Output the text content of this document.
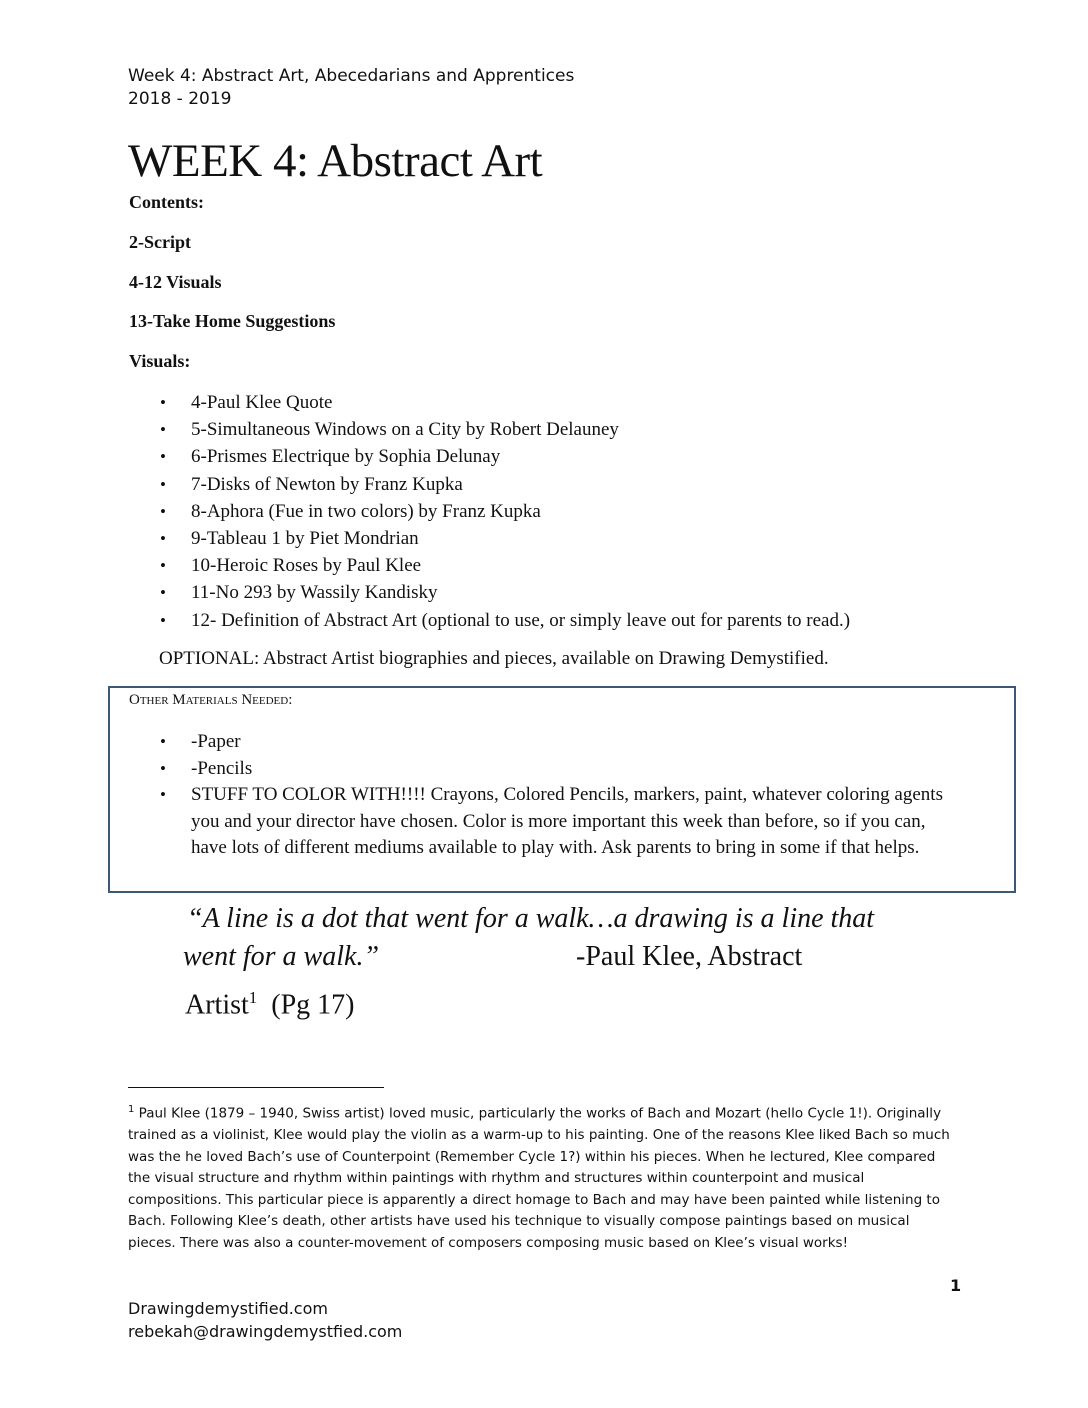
Week 4: Abstract Art, Abecedarians and Apprentices
2018 - 2019
WEEK 4: Abstract Art
Contents:
2-Script
4-12 Visuals
13-Take Home Suggestions
Visuals:
• 4-Paul Klee Quote
• 5-Simultaneous Windows on a City by Robert Delauney
• 6-Prismes Electrique by Sophia Delunay
• 7-Disks of Newton by Franz Kupka
• 8-Aphora (Fue in two colors) by Franz Kupka
• 9-Tableau 1 by Piet Mondrian
• 10-Heroic Roses by Paul Klee
• 11-No 293 by Wassily Kandisky
• 12- Definition of Abstract Art (optional to use, or simply leave out for parents to read.)
OPTIONAL: Abstract Artist biographies and pieces, available on Drawing Demystified.
Other Materials Needed:
• -Paper
• -Pencils
• STUFF TO COLOR WITH!!!! Crayons, Colored Pencils, markers, paint, whatever coloring agents you and your director have chosen. Color is more important this week than before, so if you can, have lots of different mediums available to play with. Ask parents to bring in some if that helps.
“A line is a dot that went for a walk…a drawing is a line that
went for a walk.”	-Paul Klee, Abstract
Artist$^1$ (Pg 17)
$^1$ Paul Klee (1879 – 1940, Swiss artist) loved music, particularly the works of Bach and Mozart (hello Cycle 1!). Originally trained as a violinist, Klee would play the violin as a warm-up to his painting. One of the reasons Klee liked Bach so much was the he loved Bach’s use of Counterpoint (Remember Cycle 1?) within his pieces. When he lectured, Klee compared the visual structure and rhythm within paintings with rhythm and structures within counterpoint and musical compositions. This particular piece is apparently a direct homage to Bach and may have been painted while listening to Bach. Following Klee’s death, other artists have used his technique to visually compose paintings based on musical pieces. There was also a counter-movement of composers composing music based on Klee’s visual works!
1
Drawingdemystified.com
rebekah@drawingdemystfied.com
